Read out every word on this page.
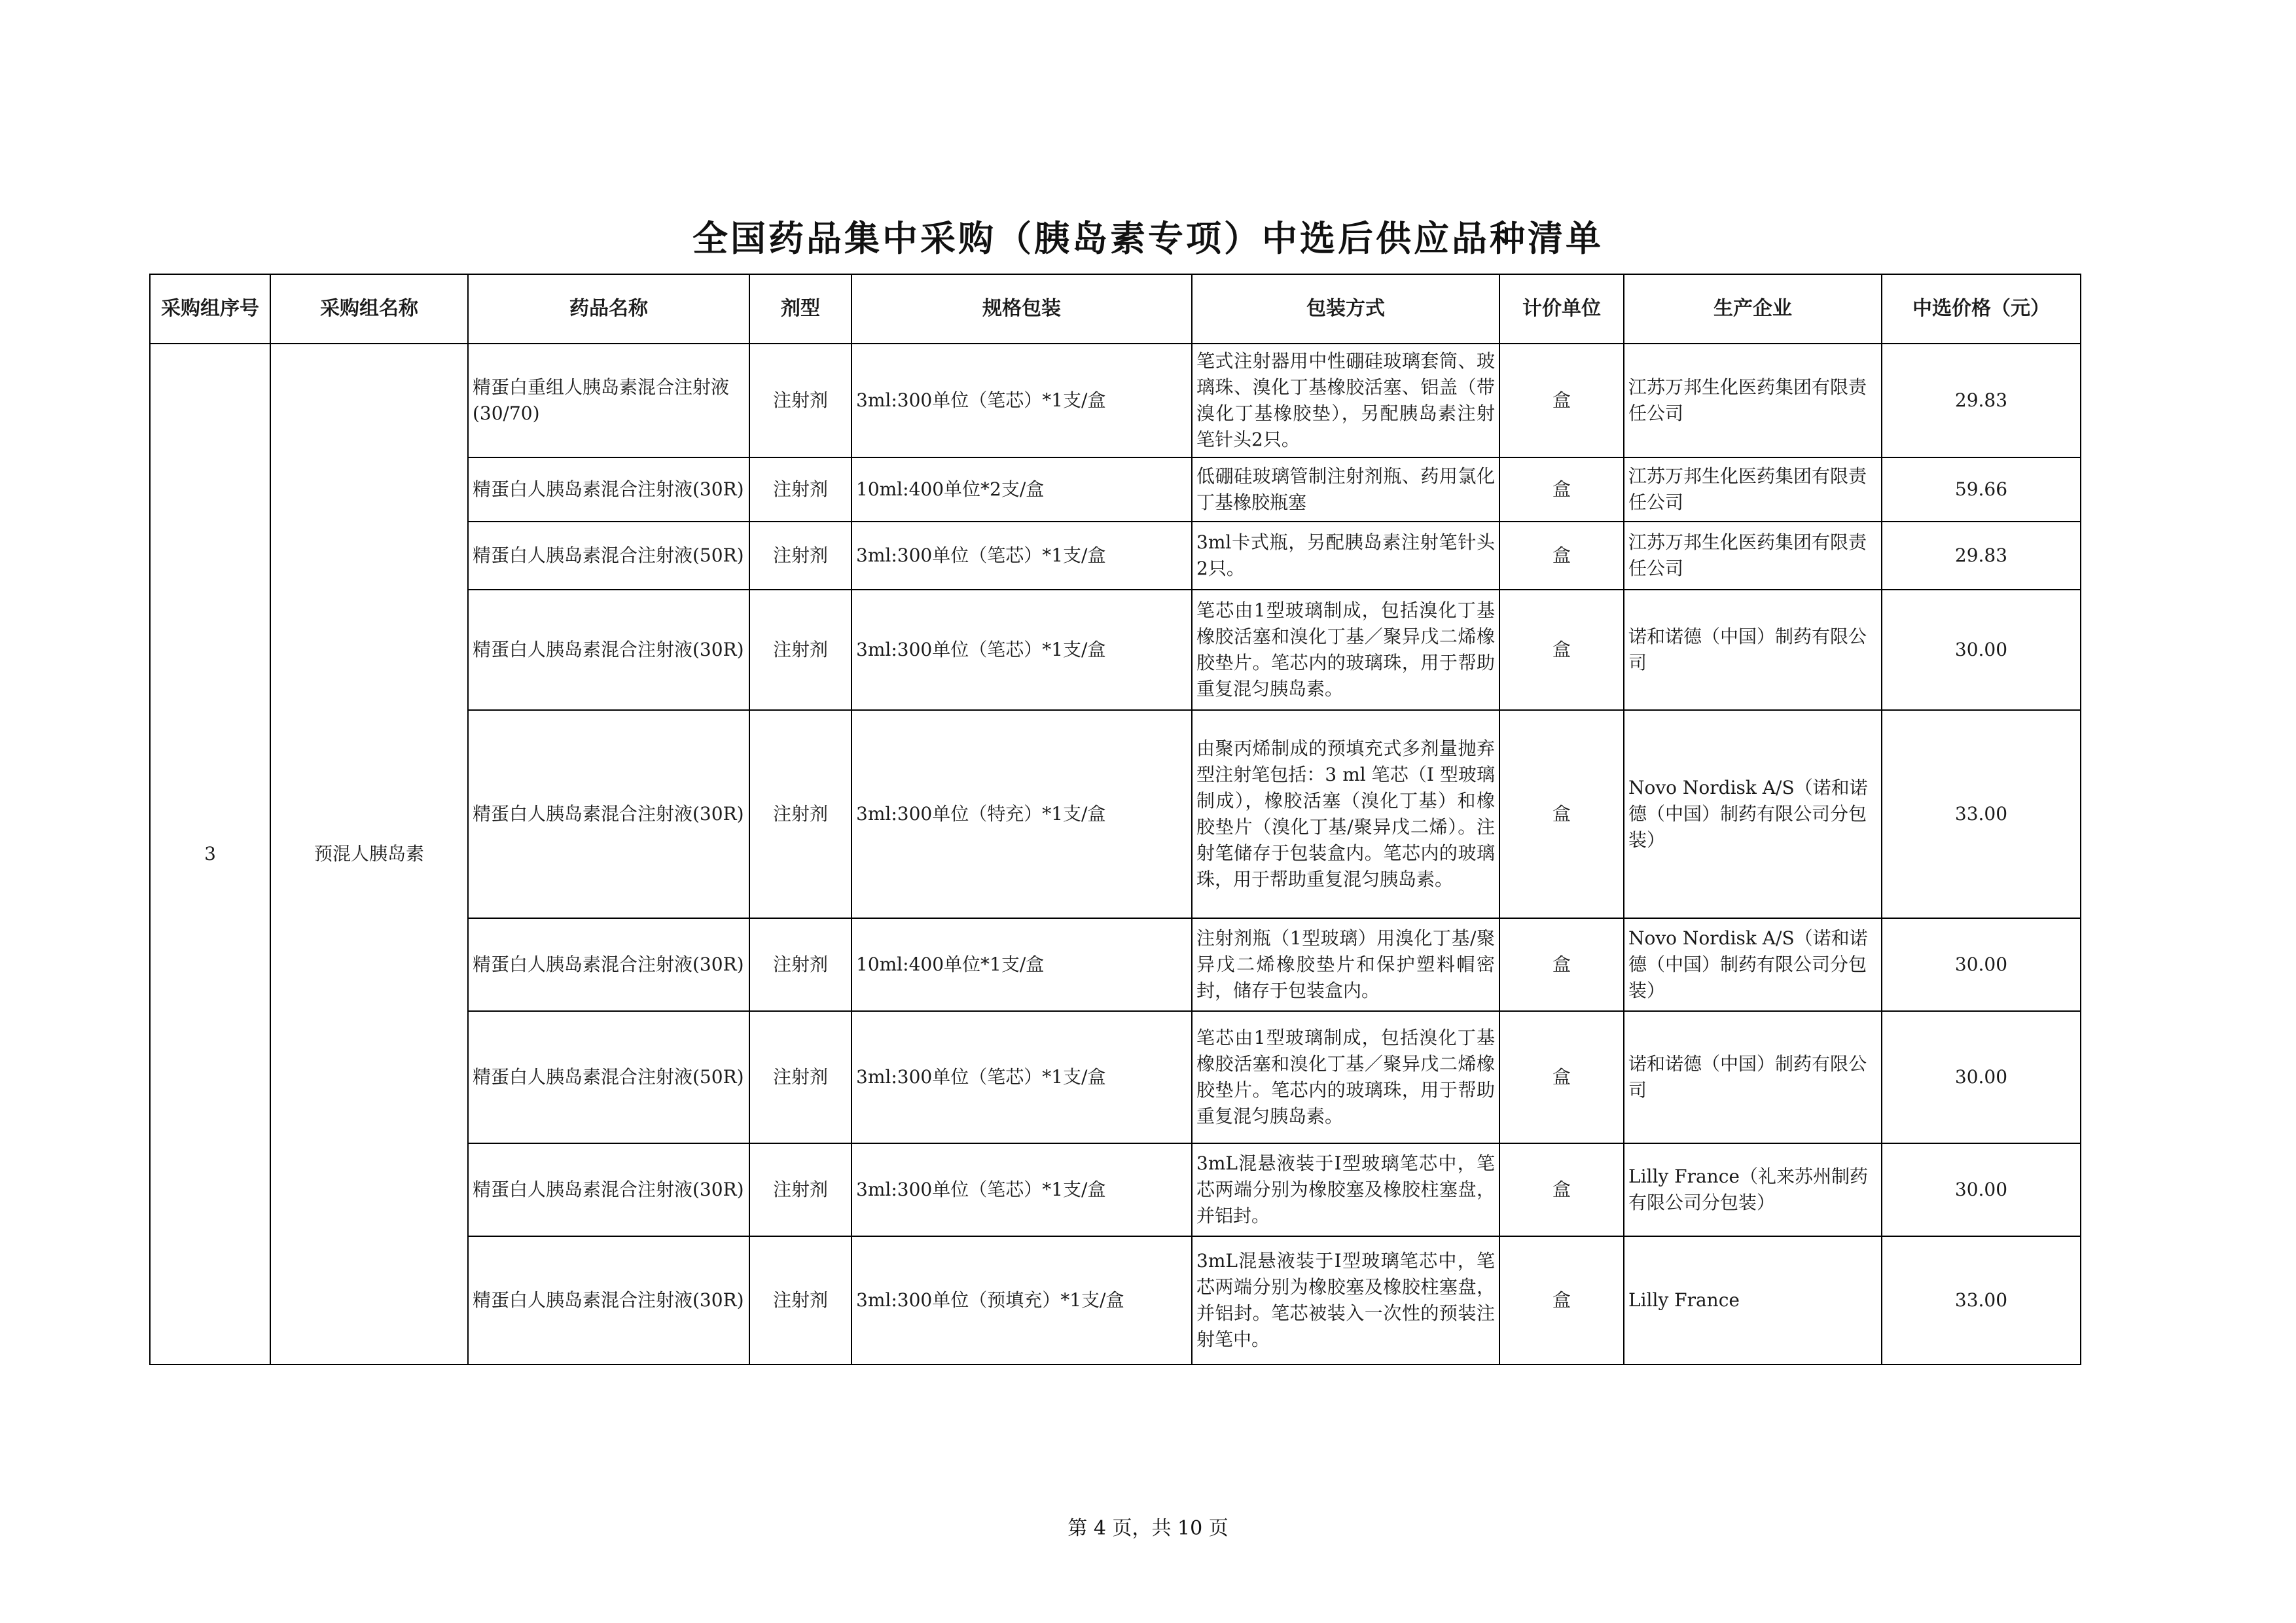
全国药品集中采购（胰岛素专项）中选后供应品种清单
采购组序号	采购组名称	药品名称	剂型	规格包装	包装方式	计价单位	生产企业	中选价格（元）
3	预混人胰岛素	精蛋白重组人胰岛素混合注射液(30/70)	注射剂	3ml:300单位（笔芯）*1支/盒	笔式注射器用中性硼硅玻璃套筒、玻璃珠、溴化丁基橡胶活塞、铝盖（带溴化丁基橡胶垫），另配胰岛素注射笔针头2只。	盒	江苏万邦生化医药集团有限责任公司	29.83
		精蛋白人胰岛素混合注射液(30R)	注射剂	10ml:400单位*2支/盒	低硼硅玻璃管制注射剂瓶、药用氯化丁基橡胶瓶塞	盒	江苏万邦生化医药集团有限责任公司	59.66
		精蛋白人胰岛素混合注射液(50R)	注射剂	3ml:300单位（笔芯）*1支/盒	3ml卡式瓶，另配胰岛素注射笔针头2只。	盒	江苏万邦生化医药集团有限责任公司	29.83
		精蛋白人胰岛素混合注射液(30R)	注射剂	3ml:300单位（笔芯）*1支/盒	笔芯由1型玻璃制成，包括溴化丁基橡胶活塞和溴化丁基／聚异戊二烯橡胶垫片。笔芯内的玻璃珠，用于帮助重复混匀胰岛素。	盒	诺和诺德（中国）制药有限公司	30.00
		精蛋白人胰岛素混合注射液(30R)	注射剂	3ml:300单位（特充）*1支/盒	由聚丙烯制成的预填充式多剂量抛弃型注射笔包括：3 ml 笔芯（I 型玻璃制成），橡胶活塞（溴化丁基）和橡胶垫片（溴化丁基/聚异戊二烯）。注射笔储存于包装盒内。笔芯内的玻璃珠，用于帮助重复混匀胰岛素。	盒	Novo Nordisk A/S（诺和诺德（中国）制药有限公司分包装）	33.00
		精蛋白人胰岛素混合注射液(30R)	注射剂	10ml:400单位*1支/盒	注射剂瓶（1型玻璃）用溴化丁基/聚异戊二烯橡胶垫片和保护塑料帽密封，储存于包装盒内。	盒	Novo Nordisk A/S（诺和诺德（中国）制药有限公司分包装）	30.00
		精蛋白人胰岛素混合注射液(50R)	注射剂	3ml:300单位（笔芯）*1支/盒	笔芯由1型玻璃制成，包括溴化丁基橡胶活塞和溴化丁基／聚异戊二烯橡胶垫片。笔芯内的玻璃珠，用于帮助重复混匀胰岛素。	盒	诺和诺德（中国）制药有限公司	30.00
		精蛋白人胰岛素混合注射液(30R)	注射剂	3ml:300单位（笔芯）*1支/盒	3mL混悬液装于Ⅰ型玻璃笔芯中，笔芯两端分别为橡胶塞及橡胶柱塞盘，并铝封。	盒	Lilly France（礼来苏州制药有限公司分包装）	30.00
		精蛋白人胰岛素混合注射液(30R)	注射剂	3ml:300单位（预填充）*1支/盒	3mL混悬液装于Ⅰ型玻璃笔芯中，笔芯两端分别为橡胶塞及橡胶柱塞盘， 并铝封。笔芯被装入一次性的预装注射笔中。	盒	Lilly France	33.00
第 4 页，共 10 页
